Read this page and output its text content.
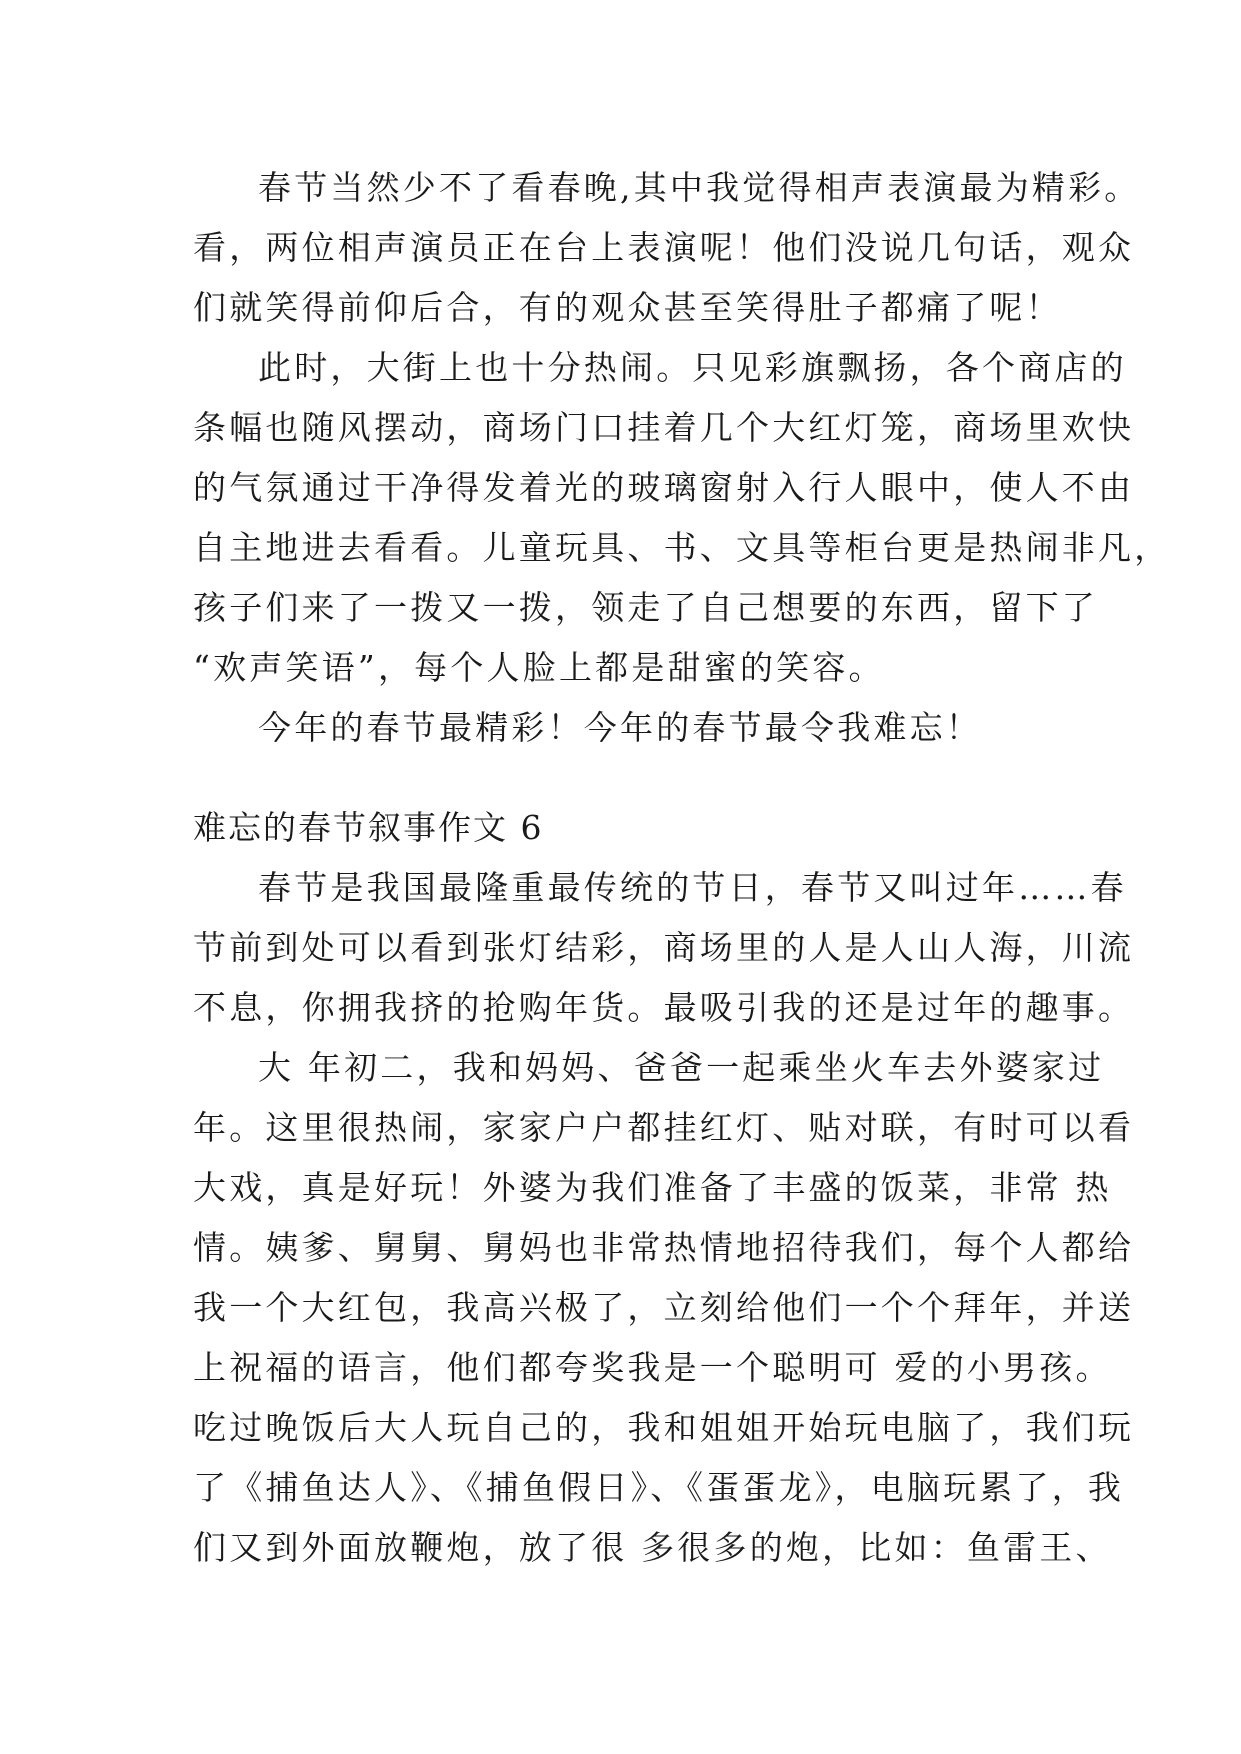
春节当然少不了看春晚,其中我觉得相声表演最为精彩。
看，两位相声演员正在台上表演呢！他们没说几句话，观众
们就笑得前仰后合，有的观众甚至笑得肚子都痛了呢！
此时，大街上也十分热闹。只见彩旗飘扬，各个商店的
条幅也随风摆动，商场门口挂着几个大红灯笼，商场里欢快
的气氛通过干净得发着光的玻璃窗射入行人眼中，使人不由
自主地进去看看。儿童玩具、书、文具等柜台更是热闹非凡，
孩子们来了一拨又一拨，领走了自己想要的东西，留下了
“欢声笑语”，每个人脸上都是甜蜜的笑容。
今年的春节最精彩！今年的春节最令我难忘！
难忘的春节叙事作文 6
春节是我国最隆重最传统的节日，春节又叫过年……春
节前到处可以看到张灯结彩，商场里的人是人山人海，川流
不息，你拥我挤的抢购年货。最吸引我的还是过年的趣事。
大 年初二，我和妈妈、爸爸一起乘坐火车去外婆家过
年。这里很热闹，家家户户都挂红灯、贴对联，有时可以看
大戏，真是好玩！外婆为我们准备了丰盛的饭菜，非常 热
情。姨爹、舅舅、舅妈也非常热情地招待我们，每个人都给
我一个大红包，我高兴极了，立刻给他们一个个拜年，并送
上祝福的语言，他们都夸奖我是一个聪明可 爱的小男孩。
吃过晚饭后大人玩自己的，我和姐姐开始玩电脑了，我们玩
了《捕鱼达人》、《捕鱼假日》、《蛋蛋龙》，电脑玩累了，我
们又到外面放鞭炮，放了很 多很多的炮，比如：鱼雷王、
